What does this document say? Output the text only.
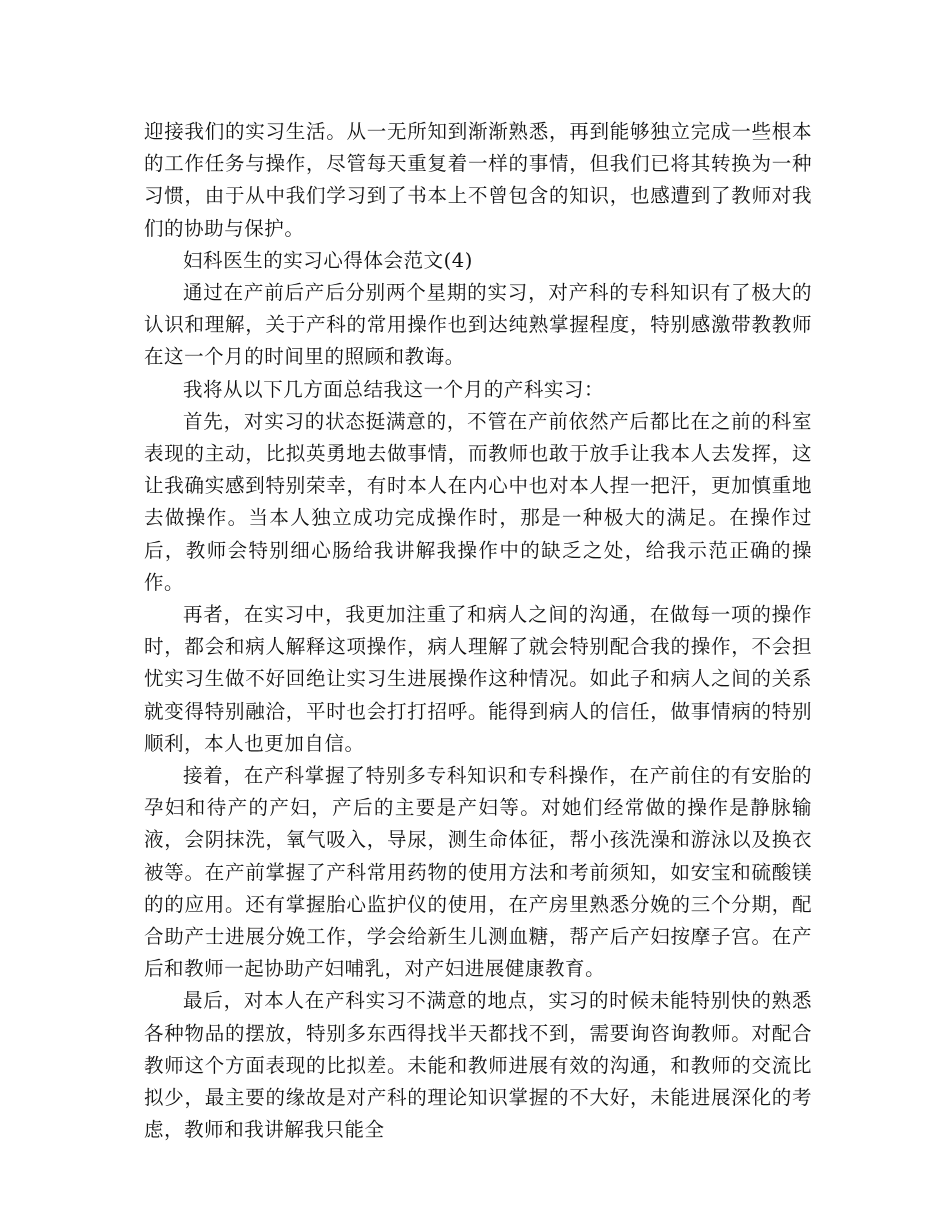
迎接我们的实习生活。从一无所知到渐渐熟悉，再到能够独立完成一些根本的工作任务与操作，尽管每天重复着一样的事情，但我们已将其转换为一种习惯，由于从中我们学习到了书本上不曾包含的知识，也感遭到了教师对我们的协助与保护。

妇科医生的实习心得体会范文(4)

通过在产前后产后分别两个星期的实习，对产科的专科知识有了极大的认识和理解，关于产科的常用操作也到达纯熟掌握程度，特别感激带教教师在这一个月的时间里的照顾和教诲。

我将从以下几方面总结我这一个月的产科实习：

首先，对实习的状态挺满意的，不管在产前依然产后都比在之前的科室表现的主动，比拟英勇地去做事情，而教师也敢于放手让我本人去发挥，这让我确实感到特别荣幸，有时本人在内心中也对本人捏一把汗，更加慎重地去做操作。当本人独立成功完成操作时，那是一种极大的满足。在操作过后，教师会特别细心肠给我讲解我操作中的缺乏之处，给我示范正确的操作。

再者，在实习中，我更加注重了和病人之间的沟通，在做每一项的操作时，都会和病人解释这项操作，病人理解了就会特别配合我的操作，不会担忧实习生做不好回绝让实习生进展操作这种情况。如此子和病人之间的关系就变得特别融洽，平时也会打打招呼。能得到病人的信任，做事情病的特别顺利，本人也更加自信。

接着，在产科掌握了特别多专科知识和专科操作，在产前住的有安胎的孕妇和待产的产妇，产后的主要是产妇等。对她们经常做的操作是静脉输液，会阴抹洗，氧气吸入，导尿，测生命体征，帮小孩洗澡和游泳以及换衣被等。在产前掌握了产科常用药物的使用方法和考前须知，如安宝和硫酸镁的的应用。还有掌握胎心监护仪的使用，在产房里熟悉分娩的三个分期，配合助产士进展分娩工作，学会给新生儿测血糖，帮产后产妇按摩子宫。在产后和教师一起协助产妇哺乳，对产妇进展健康教育。

最后，对本人在产科实习不满意的地点，实习的时候未能特别快的熟悉各种物品的摆放，特别多东西得找半天都找不到，需要询咨询教师。对配合教师这个方面表现的比拟差。未能和教师进展有效的沟通，和教师的交流比拟少，最主要的缘故是对产科的理论知识掌握的不大好，未能进展深化的考虑，教师和我讲解我只能全
